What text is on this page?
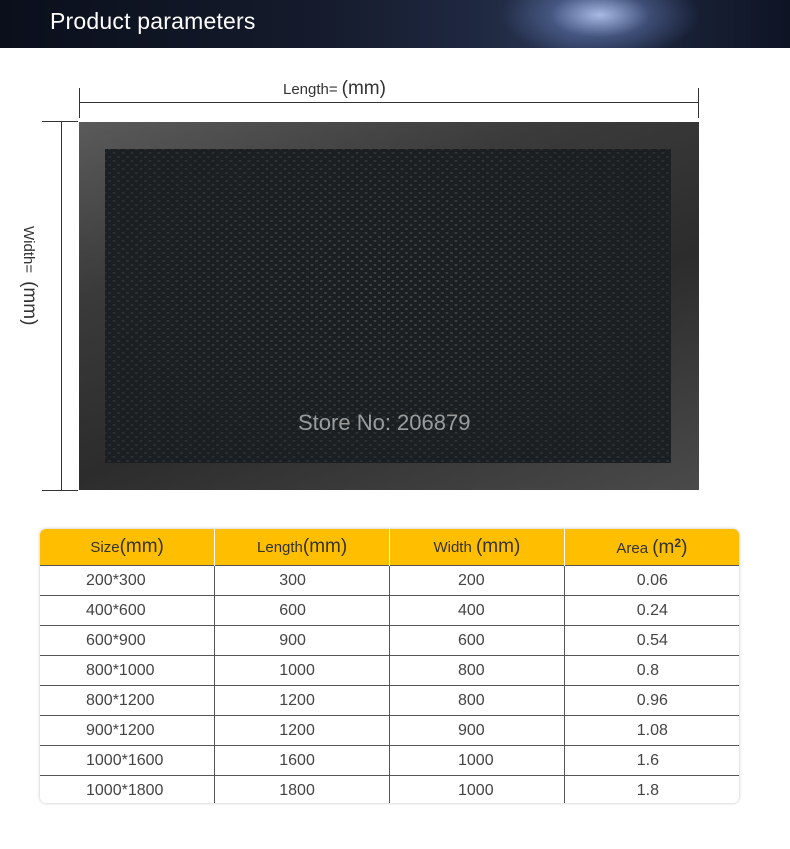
Product parameters
Length= (mm)
Width=(mm)
Store No: 206879
Size(mm)	Length(mm)	Width (mm)	Area $(m^2)$
200*300	300	200	0.06
400*600	600	400	0.24
600*900	900	600	0.54
800*1000	1000	800	0.8
800*1200	1200	800	0.96
900*1200	1200	900	1.08
1000*1600	1600	1000	1.6
1000*1800	1800	1000	1.8
